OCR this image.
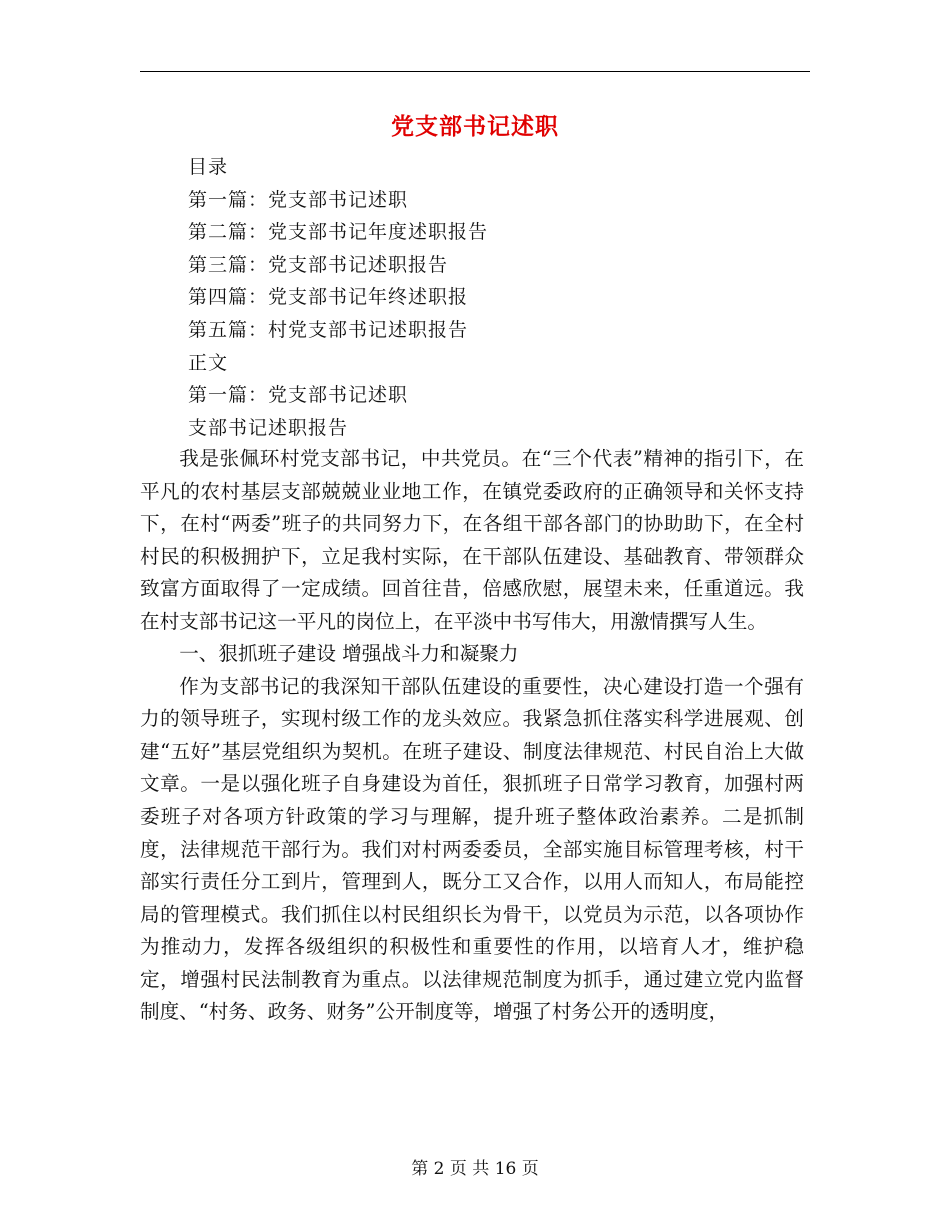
党支部书记述职
目录
第一篇：党支部书记述职
第二篇：党支部书记年度述职报告
第三篇：党支部书记述职报告
第四篇：党支部书记年终述职报
第五篇：村党支部书记述职报告
正文
第一篇：党支部书记述职
支部书记述职报告

我是张佩环村党支部书记，中共党员。在“三个代表”精神的指引下，在平凡的农村基层支部兢兢业业地工作，在镇党委政府的正确领导和关怀支持下，在村“两委”班子的共同努力下，在各组干部各部门的协助助下，在全村村民的积极拥护下，立足我村实际，在干部队伍建设、基础教育、带领群众致富方面取得了一定成绩。回首往昔，倍感欣慰，展望未来，任重道远。我在村支部书记这一平凡的岗位上，在平淡中书写伟大，用激情撰写人生。

一、狠抓班子建设 增强战斗力和凝聚力

作为支部书记的我深知干部队伍建设的重要性，决心建设打造一个强有力的领导班子，实现村级工作的龙头效应。我紧急抓住落实科学进展观、创建“五好”基层党组织为契机。在班子建设、制度法律规范、村民自治上大做文章。一是以强化班子自身建设为首任，狠抓班子日常学习教育，加强村两委班子对各项方针政策的学习与理解，提升班子整体政治素养。二是抓制度，法律规范干部行为。我们对村两委委员，全部实施目标管理考核，村干部实行责任分工到片，管理到人，既分工又合作，以用人而知人，布局能控局的管理模式。我们抓住以村民组织长为骨干，以党员为示范，以各项协作为推动力，发挥各级组织的积极性和重要性的作用，以培育人才，维护稳定，增强村民法制教育为重点。以法律规范制度为抓手，通过建立党内监督制度、“村务、政务、财务”公开制度等，增强了村务公开的透明度，

第 2 页 共 16 页
